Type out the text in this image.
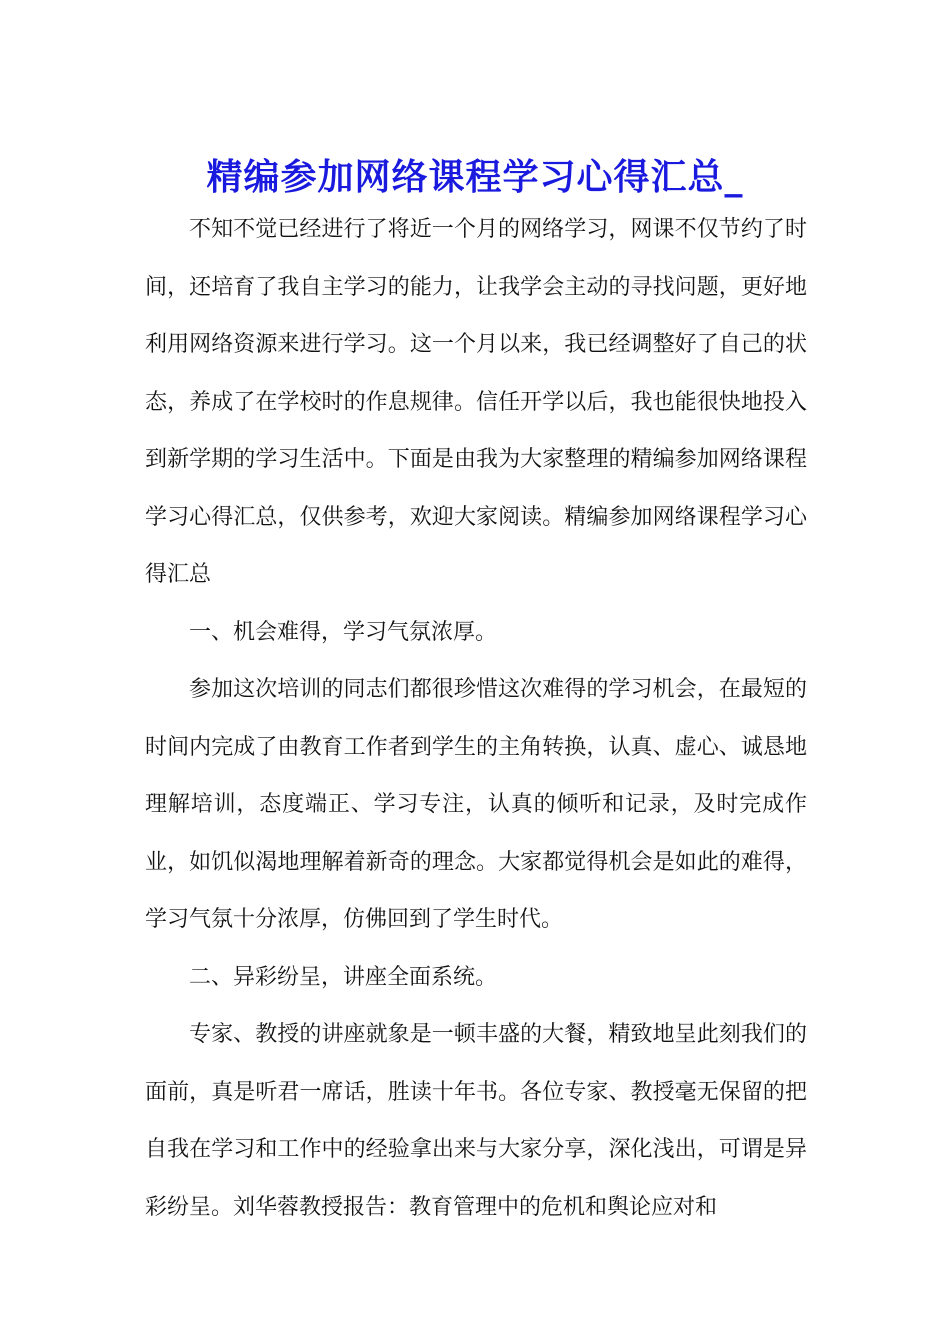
精编参加网络课程学习心得汇总_

不知不觉已经进行了将近一个月的网络学习，网课不仅节约了时间，还培育了我自主学习的能力，让我学会主动的寻找问题，更好地利用网络资源来进行学习。这一个月以来，我已经调整好了自己的状态，养成了在学校时的作息规律。信任开学以后，我也能很快地投入到新学期的学习生活中。下面是由我为大家整理的精编参加网络课程学习心得汇总，仅供参考，欢迎大家阅读。精编参加网络课程学习心得汇总

一、机会难得，学习气氛浓厚。

参加这次培训的同志们都很珍惜这次难得的学习机会，在最短的时间内完成了由教育工作者到学生的主角转换，认真、虚心、诚恳地理解培训，态度端正、学习专注，认真的倾听和记录，及时完成作业，如饥似渴地理解着新奇的理念。大家都觉得机会是如此的难得，学习气氛十分浓厚，仿佛回到了学生时代。

二、异彩纷呈，讲座全面系统。

专家、教授的讲座就象是一顿丰盛的大餐，精致地呈此刻我们的面前，真是听君一席话，胜读十年书。各位专家、教授毫无保留的把自我在学习和工作中的经验拿出来与大家分享，深化浅出，可谓是异彩纷呈。刘华蓉教授报告：教育管理中的危机和舆论应对和
